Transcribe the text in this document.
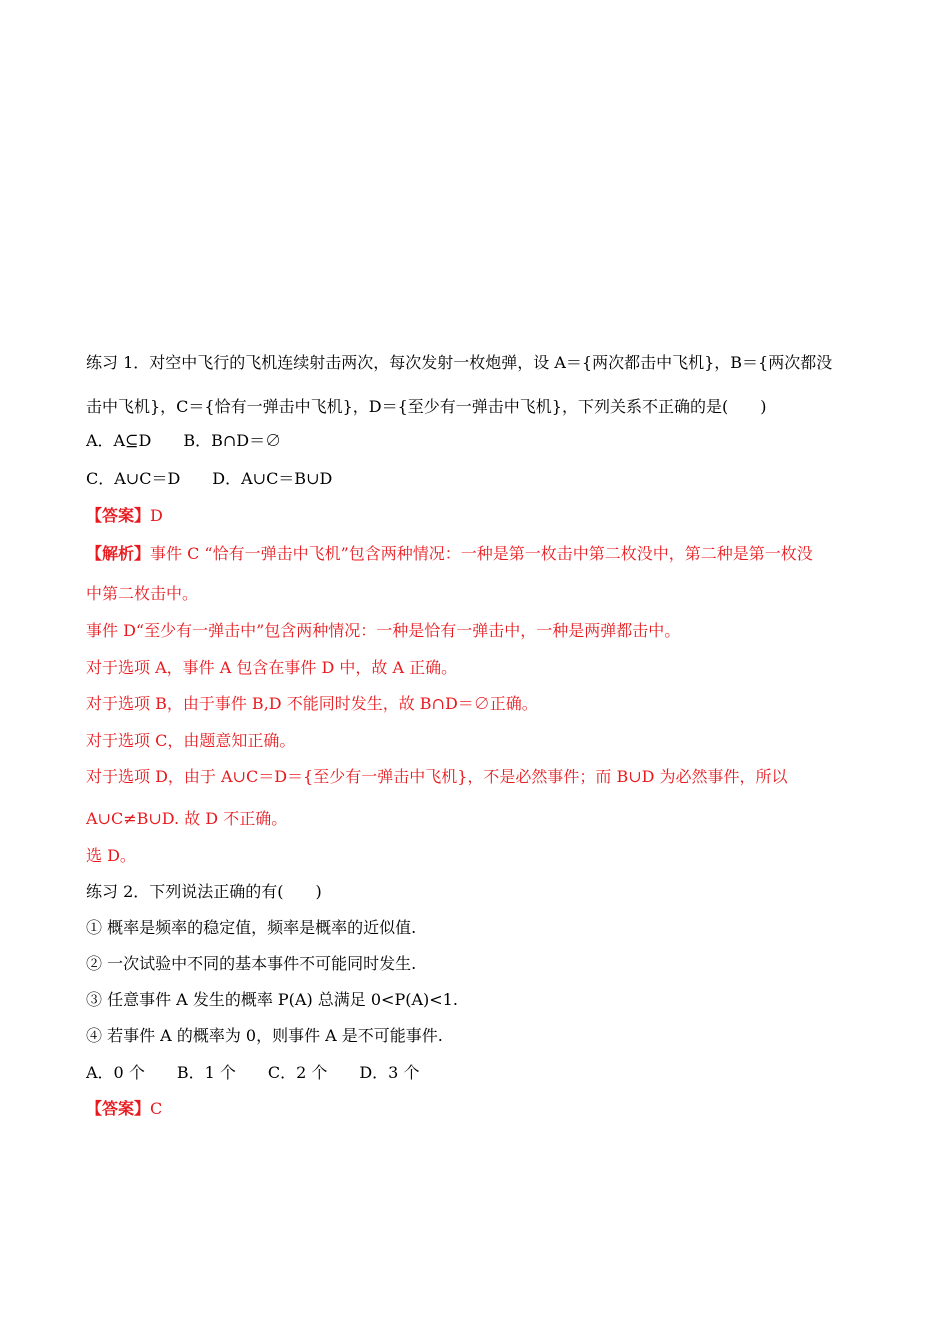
练习 1．对空中飞行的飞机连续射击两次，每次发射一枚炮弹，设 A＝{两次都击中飞机}，B＝{两次都没
击中飞机}，C＝{恰有一弹击中飞机}，D＝{至少有一弹击中飞机}，下列关系不正确的是(　　)
A．A⊆D　　B．B∩D＝∅
C．A∪C＝D　　D．A∪C＝B∪D
【答案】D
【解析】事件 C “恰有一弹击中飞机”包含两种情况：一种是第一枚击中第二枚没中，第二种是第一枚没
中第二枚击中。
事件 D“至少有一弹击中”包含两种情况：一种是恰有一弹击中，一种是两弹都击中。
对于选项 A，事件 A 包含在事件 D 中，故 A 正确。
对于选项 B，由于事件 B,D 不能同时发生，故 B∩D＝∅正确。
对于选项 C，由题意知正确。
对于选项 D，由于 A∪C＝D＝{至少有一弹击中飞机}，不是必然事件；而 B∪D 为必然事件，所以
A∪C≠B∪D. 故 D 不正确。
选 D。
练习 2．下列说法正确的有(　　)
① 概率是频率的稳定值，频率是概率的近似值.
② 一次试验中不同的基本事件不可能同时发生.
③ 任意事件 A 发生的概率 P(A) 总满足 0<P(A)<1.
④ 若事件 A 的概率为 0，则事件 A 是不可能事件.
A．0 个　　B．1 个　　C．2 个　　D．3 个
【答案】C
